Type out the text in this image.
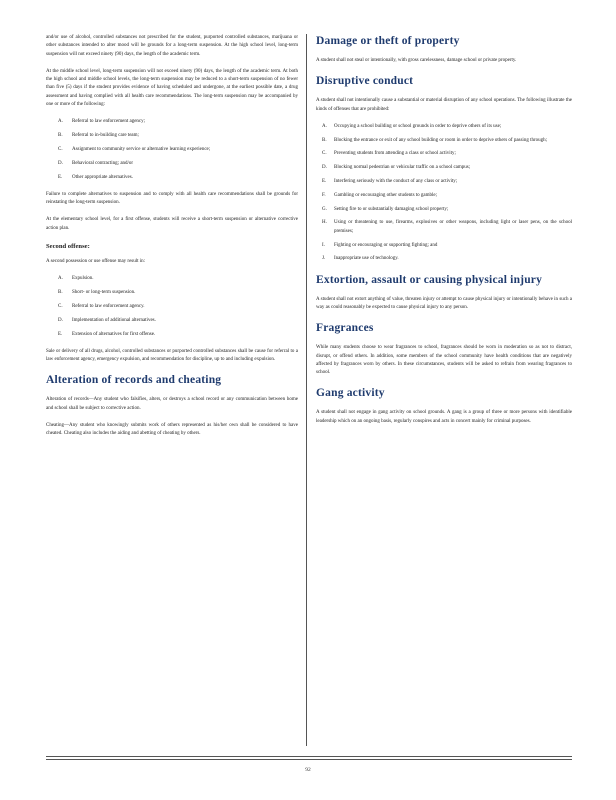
and/or use of alcohol, controlled substances not prescribed for the student, purported controlled substances, marijuana or other substances intended to alter mood will be grounds for a long-term suspension. At the high school level, long-term suspension will not exceed ninety (90) days, the length of the academic term.

At the middle school level, long-term suspension will not exceed ninety (90) days, the length of the academic term. At both the high school and middle school levels, the long-term suspension may be reduced to a short-term suspension of no fewer than five (5) days if the student provides evidence of having scheduled and undergone, at the earliest possible date, a drug assessment and having complied with all health care recommendations. The long-term suspension may be accompanied by one or more of the following:

A. Referral to law enforcement agency;
B. Referral to in-building care team;
C. Assignment to community service or alternative learning experience;
D. Behavioral contracting; and/or
E. Other appropriate alternatives.

Failure to complete alternatives to suspension and to comply with all health care recommendations shall be grounds for reinstating the long-term suspension.

At the elementary school level, for a first offense, students will receive a short-term suspension or alternative corrective action plan.

Second offense:

A second possession or use offense may result in:

A. Expulsion.
B. Short- or long-term suspension.
C. Referral to law enforcement agency.
D. Implementation of additional alternatives.
E. Extension of alternatives for first offense.

Sale or delivery of all drugs, alcohol, controlled substances or purported controlled substances shall be cause for referral to a law enforcement agency, emergency expulsion, and recommendation for discipline, up to and including expulsion.

Alteration of records and cheating

Alteration of records—Any student who falsifies, alters, or destroys a school record or any communication between home and school shall be subject to corrective action.

Cheating—Any student who knowingly submits work of others represented as his/her own shall be considered to have cheated. Cheating also includes the aiding and abetting of cheating by others.

Damage or theft of property

A student shall not steal or intentionally, with gross carelessness, damage school or private property.

Disruptive conduct

A student shall not intentionally cause a substantial or material disruption of any school operations. The following illustrate the kinds of offenses that are prohibited:

A. Occupying a school building or school grounds in order to deprive others of its use;
B. Blocking the entrance or exit of any school building or room in order to deprive others of passing through;
C. Preventing students from attending a class or school activity;
D. Blocking normal pedestrian or vehicular traffic on a school campus;
E. Interfering seriously with the conduct of any class or activity;
F. Gambling or encouraging other students to gamble;
G. Setting fire to or substantially damaging school property;
H. Using or threatening to use, firearms, explosives or other weapons, including light or laser pens, on the school premises;
I. Fighting or encouraging or supporting fighting; and
J. Inappropriate use of technology.
Extortion, assault or causing physical injury

A student shall not extort anything of value, threaten injury or attempt to cause physical injury or intentionally behave in such a way as could reasonably be expected to cause physical injury to any person.

Fragrances

While many students choose to wear fragrances to school, fragrances should be worn in moderation so as not to distract, disrupt, or offend others. In addition, some members of the school community have health conditions that are negatively affected by fragrances worn by others. In these circumstances, students will be asked to refrain from wearing fragrances to school.

Gang activity

A student shall not engage in gang activity on school grounds. A gang is a group of three or more persons with identifiable leadership which on an ongoing basis, regularly conspires and acts in concert mainly for criminal purposes.

92
